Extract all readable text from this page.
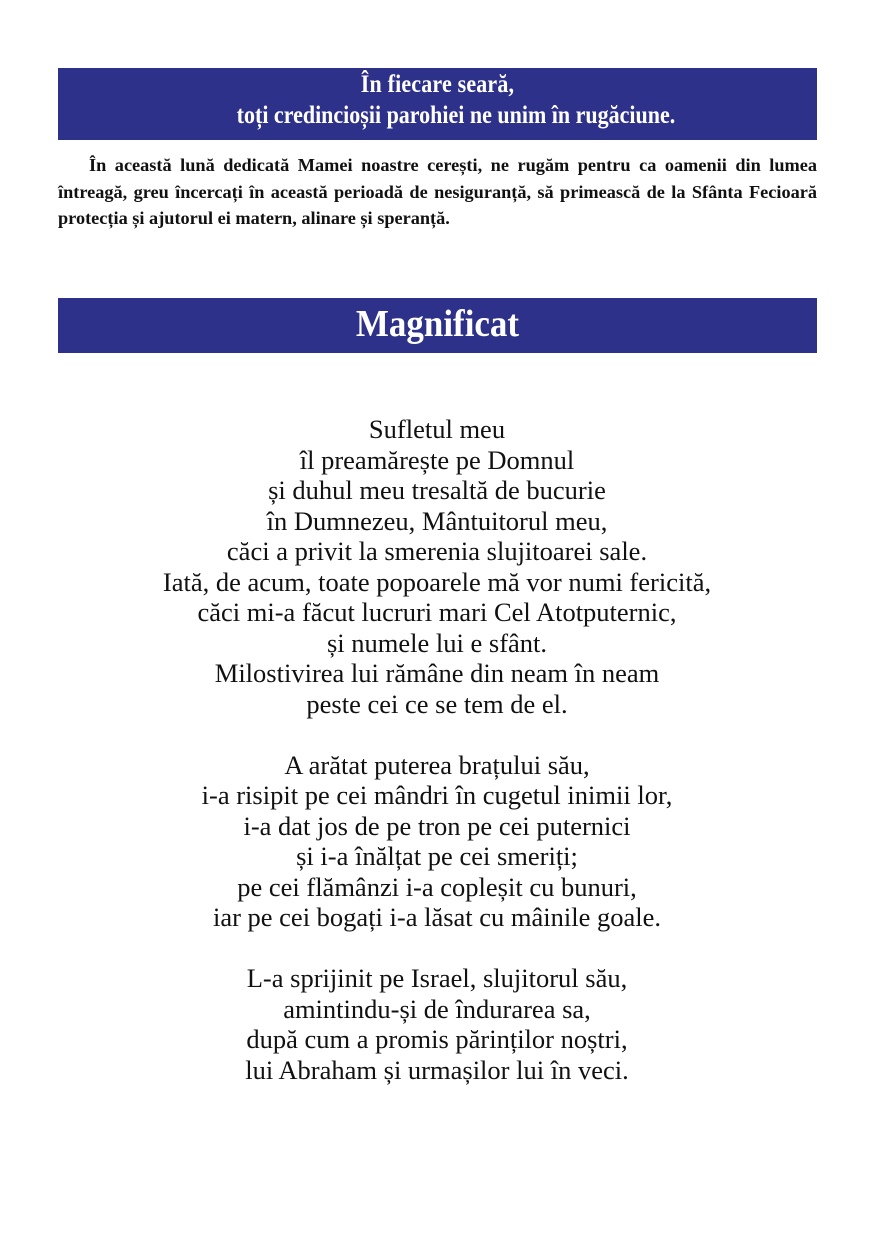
În fiecare seară,
toți credincioșii parohiei ne unim în rugăciune.
În această lună dedicată Mamei noastre cerești, ne rugăm pentru ca oamenii din lumea întreagă, greu încercați în această perioadă de nesiguranță, să primească de la Sfânta Fecioară protecția și ajutorul ei matern, alinare și speranță.
Magnificat
Sufletul meu
îl preamărește pe Domnul
și duhul meu tresaltă de bucurie
în Dumnezeu, Mântuitorul meu,
căci a privit la smerenia slujitoarei sale.
Iată, de acum, toate popoarele mă vor numi fericită,
căci mi-a făcut lucruri mari Cel Atotputernic,
și numele lui e sfânt.
Milostivirea lui rămâne din neam în neam
peste cei ce se tem de el.
A arătat puterea brațului său,
i-a risipit pe cei mândri în cugetul inimii lor,
i-a dat jos de pe tron pe cei puternici
și i-a înălțat pe cei smeriți;
pe cei flămânzi i-a copleșit cu bunuri,
iar pe cei bogați i-a lăsat cu mâinile goale.
L-a sprijinit pe Israel, slujitorul său,
amintindu-și de îndurarea sa,
după cum a promis părinților noștri,
lui Abraham și urmașilor lui în veci.
